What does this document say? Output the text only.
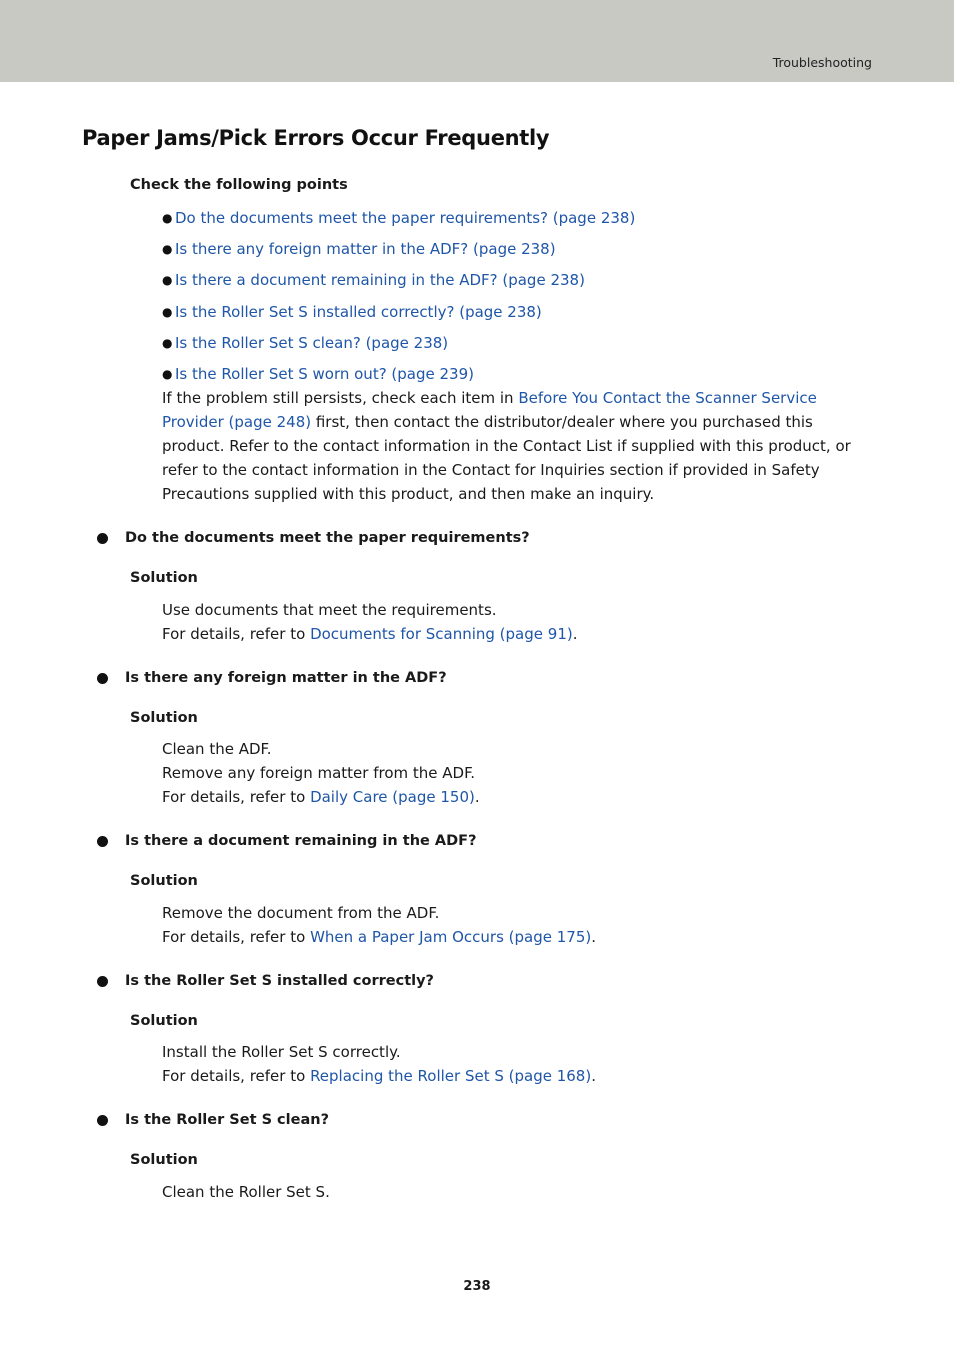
Troubleshooting
Paper Jams/Pick Errors Occur Frequently
Check the following points
● Do the documents meet the paper requirements? (page 238)
● Is there any foreign matter in the ADF? (page 238)
● Is there a document remaining in the ADF? (page 238)
● Is the Roller Set S installed correctly? (page 238)
● Is the Roller Set S clean? (page 238)
● Is the Roller Set S worn out? (page 239)

If the problem still persists, check each item in Before You Contact the Scanner Service Provider (page 248) first, then contact the distributor/dealer where you purchased this product. Refer to the contact information in the Contact List if supplied with this product, or refer to the contact information in the Contact for Inquiries section if provided in Safety Precautions supplied with this product, and then make an inquiry.

Do the documents meet the paper requirements?
Solution
Use documents that meet the requirements.
For details, refer to Documents for Scanning (page 91).
Is there any foreign matter in the ADF?
Solution
Clean the ADF.
Remove any foreign matter from the ADF.
For details, refer to Daily Care (page 150).
Is there a document remaining in the ADF?
Solution
Remove the document from the ADF.
For details, refer to When a Paper Jam Occurs (page 175).
Is the Roller Set S installed correctly?
Solution
Install the Roller Set S correctly.
For details, refer to Replacing the Roller Set S (page 168).
Is the Roller Set S clean?
Solution
Clean the Roller Set S.
238
